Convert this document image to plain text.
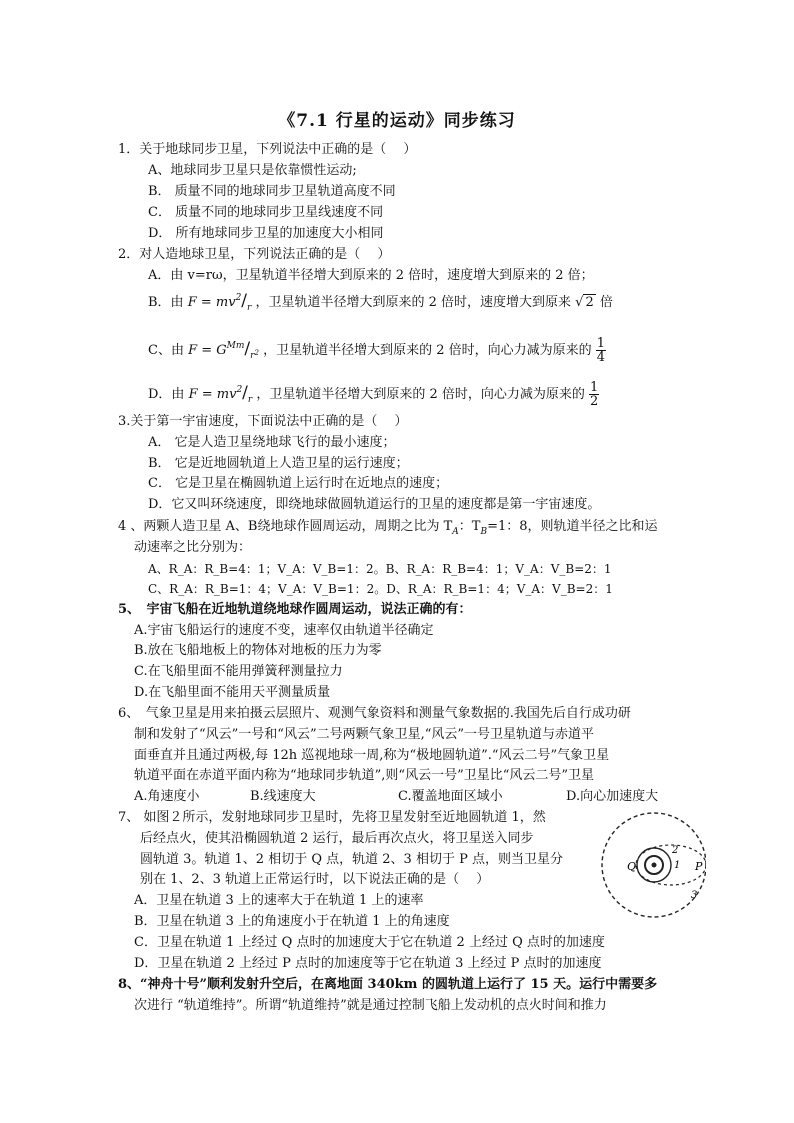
《7.1 行星的运动》同步练习
1．关于地球同步卫星，下列说法中正确的是（　 ）
A、地球同步卫星只是依靠惯性运动;
B． 质量不同的地球同步卫星轨道高度不同
C． 质量不同的地球同步卫星线速度不同
D． 所有地球同步卫星的加速度大小相同
2．对人造地球卫星，下列说法正确的是（　 ）
A．由 v=rω，卫星轨道半径增大到原来的 2 倍时，速度增大到原来的 2 倍；
B．由 $F = mv^2/_r$ ，卫星轨道半径增大到原来的 2 倍时，速度增大到原来 √ 2 倍
C、由 $F = G^{Mm}/_r2$ ，卫星轨道半径增大到原来的 2 倍时，向心力减为原来的 $\frac{1}{4}$
D．由 $F = mv^2/_r$ ，卫星轨道半径增大到原来的 2 倍时，向心力减为原来的 $\frac{1}{2}$
3.关于第一宇宙速度，下面说法中正确的是（　 ）
A． 它是人造卫星绕地球飞行的最小速度；
B． 它是近地圆轨道上人造卫星的运行速度；
C． 它是卫星在椭圆轨道上运行时在近地点的速度；
D．它又叫环绕速度，即绕地球做圆轨道运行的卫星的速度都是第一宇宙速度。
4 、两颗人造卫星 A、B绕地球作圆周运动，周期之比为 $T_A$：$T_B=1$：8，则轨道半径之比和运
动速率之比分别为：
A、R_A：R_B=4：1；V_A：V_B=1：2。B、R_A：R_B=4：1；V_A：V_B=2：1
C、R_A：R_B=1：4；V_A：V_B=1：2。D、R_A：R_B=1：4；V_A：V_B=2：1
5、　宇宙飞船在近地轨道绕地球作圆周运动，说法正确的有：
A.宇宙飞船运行的速度不变，速率仅由轨道半径确定
B.放在飞船地板上的物体对地板的压力为零
C.在飞船里面不能用弹簧秤测量拉力
D.在飞船里面不能用天平测量质量
6、　气象卫星是用来拍摄云层照片、观测气象资料和测量气象数据的.我国先后自行成功研
制和发射了“风云”一号和“风云”二号两颗气象卫星,“风云”一号卫星轨道与赤道平
面垂直并且通过两极,每 12h 巡视地球一周,称为“极地圆轨道”.“风云二号”气象卫星
轨道平面在赤道平面内称为“地球同步轨道”,则“风云一号”卫星比“风云二号”卫星
A.角速度小	B.线速度大	C.覆盖地面区域小	D.向心加速度大
7、 如图２所示，发射地球同步卫星时，先将卫星发射至近地圆轨道 1，然
后经点火，使其沿椭圆轨道 2 运行，最后再次点火，将卫星送入同步
圆轨道 3。轨道 1、2 相切于 Q 点，轨道 2、3 相切于 P 点，则当卫星分
别在 1、2、3 轨道上正常运行时，以下说法正确的是（　 ）
A．卫星在轨道 3 上的速率大于在轨道 1 上的速率
B．卫星在轨道 3 上的角速度小于在轨道 1 上的角速度
C．卫星在轨道 1 上经过 Q 点时的加速度大于它在轨道 2 上经过 Q 点时的加速度
D．卫星在轨道 2 上经过 P 点时的加速度等于它在轨道 3 上经过 P 点时的加速度
Q	P
1
2
3
8、“神舟十号”顺利发射升空后，在离地面 340km 的圆轨道上运行了 15 天。运行中需要多
次进行 “轨道维持”。所谓“轨道维持”就是通过控制飞船上发动机的点火时间和推力
